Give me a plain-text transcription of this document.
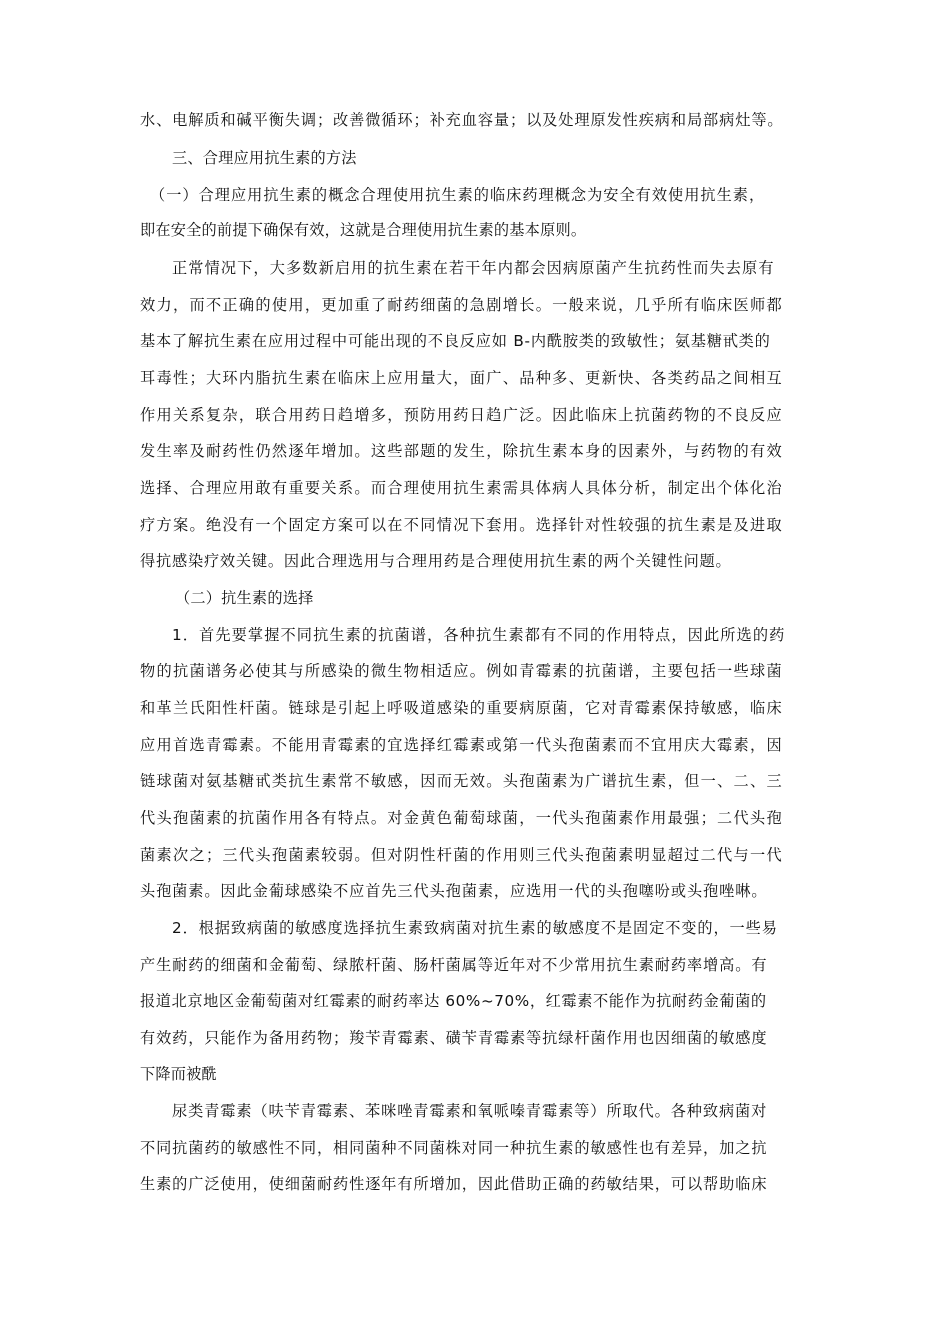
水、电解质和碱平衡失调；改善微循环；补充血容量；以及处理原发性疾病和局部病灶等。
三、合理应用抗生素的方法
（一）合理应用抗生素的概念合理使用抗生素的临床药理概念为安全有效使用抗生素，
即在安全的前提下确保有效，这就是合理使用抗生素的基本原则。
正常情况下，大多数新启用的抗生素在若干年内都会因病原菌产生抗药性而失去原有
效力，而不正确的使用，更加重了耐药细菌的急剧增长。一般来说，几乎所有临床医师都
基本了解抗生素在应用过程中可能出现的不良反应如 B-内酰胺类的致敏性；氨基糖甙类的
耳毒性；大环内脂抗生素在临床上应用量大，面广、品种多、更新快、各类药品之间相互
作用关系复杂，联合用药日趋增多，预防用药日趋广泛。因此临床上抗菌药物的不良反应
发生率及耐药性仍然逐年增加。这些部题的发生，除抗生素本身的因素外，与药物的有效
选择、合理应用敢有重要关系。而合理使用抗生素需具体病人具体分析，制定出个体化治
疗方案。绝没有一个固定方案可以在不同情况下套用。选择针对性较强的抗生素是及进取
得抗感染疗效关键。因此合理选用与合理用药是合理使用抗生素的两个关键性问题。
（二）抗生素的选择
1．首先要掌握不同抗生素的抗菌谱，各种抗生素都有不同的作用特点，因此所选的药
物的抗菌谱务必使其与所感染的微生物相适应。例如青霉素的抗菌谱，主要包括一些球菌
和革兰氏阳性杆菌。链球是引起上呼吸道感染的重要病原菌，它对青霉素保持敏感，临床
应用首选青霉素。不能用青霉素的宜选择红霉素或第一代头孢菌素而不宜用庆大霉素，因
链球菌对氨基糖甙类抗生素常不敏感，因而无效。头孢菌素为广谱抗生素，但一、二、三
代头孢菌素的抗菌作用各有特点。对金黄色葡萄球菌，一代头孢菌素作用最强；二代头孢
菌素次之；三代头孢菌素较弱。但对阴性杆菌的作用则三代头孢菌素明显超过二代与一代
头孢菌素。因此金葡球感染不应首先三代头孢菌素，应选用一代的头孢噻吩或头孢唑啉。
2．根据致病菌的敏感度选择抗生素致病菌对抗生素的敏感度不是固定不变的，一些易
产生耐药的细菌和金葡萄、绿脓杆菌、肠杆菌属等近年对不少常用抗生素耐药率增高。有
报道北京地区金葡萄菌对红霉素的耐药率达 60%~70%，红霉素不能作为抗耐药金葡菌的
有效药，只能作为备用药物；羧苄青霉素、磺苄青霉素等抗绿杆菌作用也因细菌的敏感度
下降而被酰
尿类青霉素（呋苄青霉素、苯咪唑青霉素和氧哌嗪青霉素等）所取代。各种致病菌对
不同抗菌药的敏感性不同，相同菌种不同菌株对同一种抗生素的敏感性也有差异，加之抗
生素的广泛使用，使细菌耐药性逐年有所增加，因此借助正确的药敏结果，可以帮助临床
